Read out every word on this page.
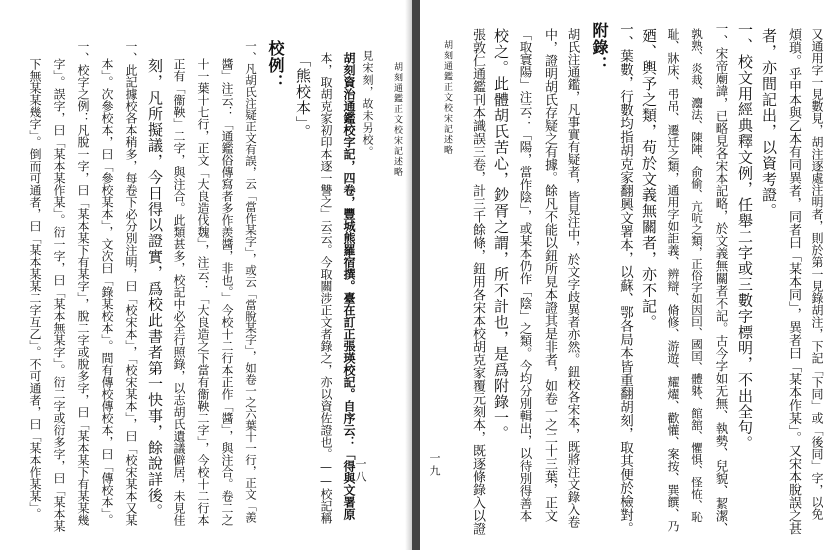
胡刻通鑑正文校宋記述略
一八
見宋刻，故未另校。
胡刻資治通鑑校字記，四卷，豐城熊羅宿撰。臺在訂正張瑛校記。自序云：「得與文署原
本，取胡克家初印本逐一讐之」云云。今取關涉正文者錄之，亦以資佐證也。——校記稱
「熊校本」。
校例：
一、凡胡氏注疑正文有誤，云「當作某字」，或云「當脫某字」，如卷一之六葉十一行，正文「羨
醬」注云：「通鑑俗傳寫者多作羨醬，非也。」今校十二行本正作「醬」，與注合。卷二之
十一葉十七行，正文「大良造伐魏」，注云：「大良造之下當有衞鞅二字」，今校十二行本
正有「衞鞅」二字，與注合。此類甚多，校記中必全行照錄，以志胡氏遺議僻居，未見佳
刻，凡所擬議，今日得以證實，爲校此書者第一快事，餘說詳後。
一、此記據校各本稍多，每卷下必分別注明，曰「校宋本」，「校宋某本」，曰「校宋某本又某
本」。次參校本，曰「參校某本」，文次曰「錄某校本」。間有傳校傳校本，曰「傳校本」。
一、校字之例：凡脫一字，曰「某本某下有某字」，脫二字或脫多字，曰「某本某下有某某幾
字」。誤字，曰「某本某作某」。衍一字，曰「某本無某字」。衍二字或衍多字，曰「某本某
下無某某幾字」。倒而可通者，曰「某本某某二字互乙」。不可通者，曰「某本作某某」。	胡刻通鑑正文校宋記述略
一九	又通用字一見數見，胡注逐處注明者，則於第一見錄胡注，下記「下同」或「後同」字，以免
煩瑣。乎甲本與乙本有同異者，同者曰「某本同」，異者曰「某本作某」。又宋本脫誤之甚
者，亦間記出，以資考證。
一、校文用經典釋文例，任舉二字或三數字標明，不出全句。
一、宋帝廟諱，已略見各宋本記略，於文義無關者不記。古今字如无無、執勢、兒貌、絜潔、
孰熟、炎烖、灋法、陳陣、俞偷、亢吭之類，正俗字如因囙、國囯、體躰、館舘、懼惧、怪恠、恥
耻、牀床、弔吊、遷迁之類，通用字如詎義、辨辯、脩修、游遊、耀燿、歡懽、案按、巽饌、乃
廼、輿予之類，苟於文義無關者，亦不記。
一、葉數，行數均指胡克家翻興文署本，以蘇、鄂各局本皆重翻胡刻，取其便於檢對。
附錄：
胡氏注通鑑，凡事實有疑者，皆見注中，於文字歧異者亦然。鈕校各宋本，既將注文錄入卷
中，證明胡氏存疑之有據。餘凡不能以鈕所見本證其是非者，如卷一之二十三葉，正文
「取寰陽」注云：「陽，當作陰」，或某本仍作「陰」之類。今均分別輯出，以待別得善本
校之。此體胡氏苦心，鈔胥之謂，所不計也，是爲附錄一。
張敦仁通鑑刊本識誤三卷，計三千餘條，鈕用各宋本校胡克家覆元刻本，既逐條錄入以證
